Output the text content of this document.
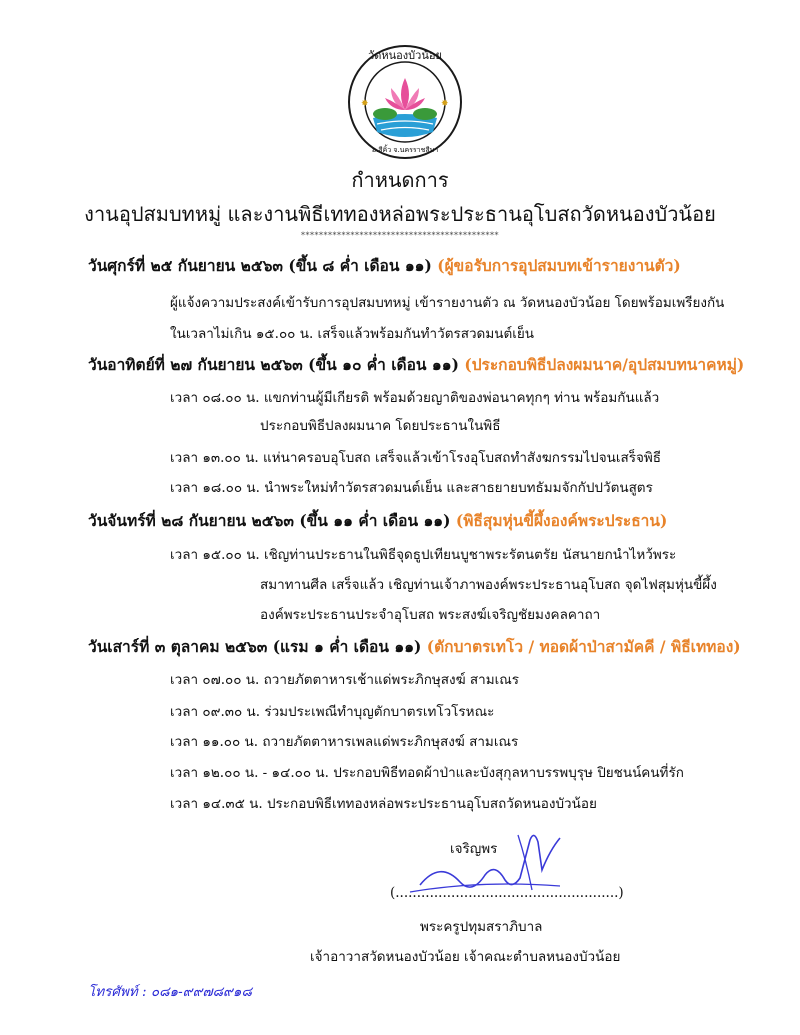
วัดหนองบัวน้อย
✸	✸
อ.สีคิ้ว จ.นครราชสีมา
กำหนดการ
งานอุปสมบทหมู่ และงานพิธีเททองหล่อพระประธานอุโบสถวัดหนองบัวน้อย
********************************************
วันศุกร์ที่ ๒๕ กันยายน ๒๕๖๓ (ขึ้น ๘ ค่ำ เดือน ๑๑) (ผู้ขอรับการอุปสมบทเข้ารายงานตัว)
ผู้แจ้งความประสงค์เข้ารับการอุปสมบทหมู่ เข้ารายงานตัว ณ วัดหนองบัวน้อย โดยพร้อมเพรียงกัน
ในเวลาไม่เกิน ๑๕.๐๐ น. เสร็จแล้วพร้อมกันทำวัตรสวดมนต์เย็น
วันอาทิตย์ที่ ๒๗ กันยายน ๒๕๖๓ (ขึ้น ๑๐ ค่ำ เดือน ๑๑) (ประกอบพิธีปลงผมนาค/อุปสมบทนาคหมู่)
เวลา ๐๘.๐๐ น. แขกท่านผู้มีเกียรติ พร้อมด้วยญาติของพ่อนาคทุกๆ ท่าน พร้อมกันแล้ว
ประกอบพิธีปลงผมนาค โดยประธานในพิธี
เวลา ๑๓.๐๐ น. แห่นาครอบอุโบสถ เสร็จแล้วเข้าโรงอุโบสถทำสังฆกรรมไปจนเสร็จพิธี
เวลา ๑๘.๐๐ น. นำพระใหม่ทำวัตรสวดมนต์เย็น และสาธยายบทธัมมจักกัปปวัตนสูตร
วันจันทร์ที่ ๒๘ กันยายน ๒๕๖๓ (ขึ้น ๑๑ ค่ำ เดือน ๑๑) (พิธีสุมหุ่นขี้ผึ้งองค์พระประธาน)
เวลา ๑๕.๐๐ น. เชิญท่านประธานในพิธีจุดธูปเทียนบูชาพระรัตนตรัย นัสนายกนำไหว้พระ
สมาทานศีล เสร็จแล้ว เชิญท่านเจ้าภาพองค์พระประธานอุโบสถ จุดไฟสุมหุ่นขี้ผึ้ง
องค์พระประธานประจำอุโบสถ พระสงฆ์เจริญชัยมงคลคาถา
วันเสาร์ที่ ๓ ตุลาคม ๒๕๖๓ (แรม ๑ ค่ำ เดือน ๑๑) (ตักบาตรเทโว / ทอดผ้าป่าสามัคคี / พิธีเททอง)
เวลา ๐๗.๐๐ น. ถวายภัตตาหารเช้าแด่พระภิกษุสงฆ์ สามเณร
เวลา ๐๙.๓๐ น. ร่วมประเพณีทำบุญตักบาตรเทโวโรหณะ
เวลา ๑๑.๐๐ น. ถวายภัตตาหารเพลแด่พระภิกษุสงฆ์ สามเณร
เวลา ๑๒.๐๐ น. - ๑๔.๐๐ น. ประกอบพิธีทอดผ้าป่าและบังสุกุลหาบรรพบุรุษ ปิยชนน์คนที่รัก
เวลา ๑๔.๓๕ น. ประกอบพิธีเททองหล่อพระประธานอุโบสถวัดหนองบัวน้อย
เจริญพร
(....................................................)
พระครูปทุมสราภิบาล
เจ้าอาวาสวัดหนองบัวน้อย เจ้าคณะตำบลหนองบัวน้อย
โทรศัพท์ : ๐๘๑-๙๙๗๘๙๑๘
